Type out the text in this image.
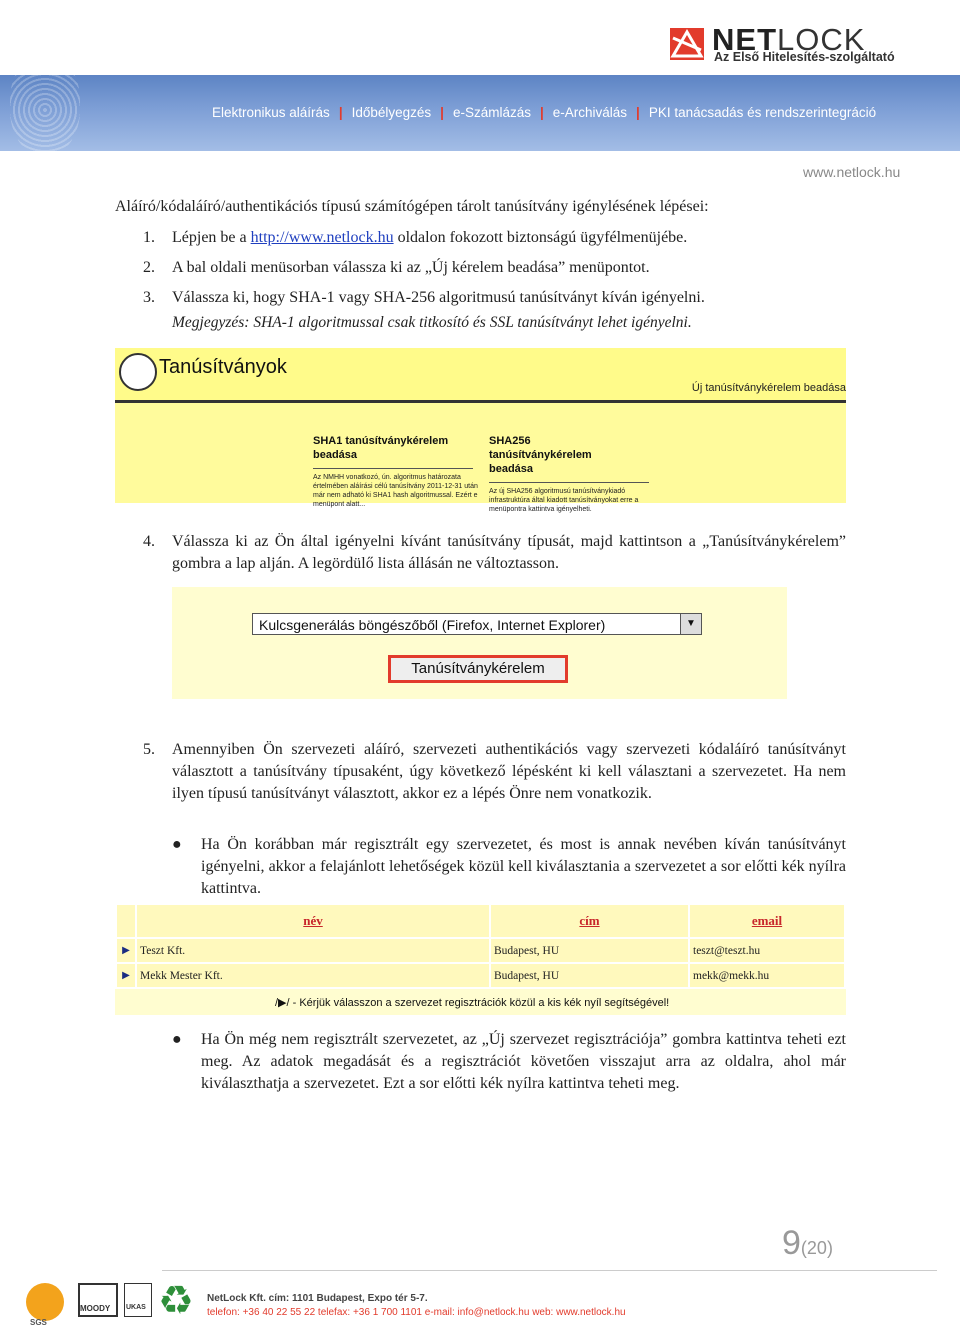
NETLOCK
Az Első Hitelesítés-szolgáltató
Elektronikus aláírás | Időbélyegzés | e-Számlázás | e-Archiválás | PKI tanácsadás és rendszerintegráció
www.netlock.hu
Aláíró/kódaláíró/authentikációs típusú számítógépen tárolt tanúsítvány igénylésének lépései:
1. Lépjen be a http://www.netlock.hu oldalon fokozott biztonságú ügyfélmenüjébe.
2. A bal oldali menüsorban válassza ki az „Új kérelem beadása” menüpontot.
3. Válassza ki, hogy SHA-1 vagy SHA-256 algoritmusú tanúsítványt kíván igényelni.
Megjegyzés: SHA-1 algoritmussal csak titkosító és SSL tanúsítványt lehet igényelni.
Tanúsítványok
Új tanúsítványkérelem beadása
SHA1 tanúsítványkérelem beadása
Az NMHH vonatkozó, ún. algoritmus határozata értelmében aláírási célú tanúsítvány 2011-12-31 után már nem adható ki SHA1 hash algoritmussal. Ezért e menüpont alatt...
SHA256 tanúsítványkérelem beadása
Az új SHA256 algoritmusú tanúsítványkiadó infrastruktúra által kiadott tanúsítványokat erre a menüpontra kattintva igényelheti.
4. Válassza ki az Ön által igényelni kívánt tanúsítvány típusát, majd kattintson a „Tanúsítványkérelem” gombra a lap alján. A legördülő lista állásán ne változtasson.
Kulcsgenerálás böngészőből (Firefox, Internet Explorer)	▼
Tanúsítványkérelem
5. Amennyiben Ön szervezeti aláíró, szervezeti authentikációs vagy szervezeti kódaláíró tanúsítványt választott a tanúsítvány típusaként, úgy következő lépésként ki kell választani a szervezetet. Ha nem ilyen típusú tanúsítványt választott, akkor ez a lépés Önre nem vonatkozik.
● Ha Ön korábban már regisztrált egy szervezetet, és most is annak nevében kíván tanúsítványt igényelni, akkor a felajánlott lehetőségek közül kell kiválasztania a szervezetet a sor előtti kék nyílra kattintva.
	név	cím	email
▶	Teszt Kft.	Budapest, HU	teszt@teszt.hu
▶	Mekk Mester Kft.	Budapest, HU	mekk@mekk.hu
/▶/ - Kérjük válasszon a szervezet regisztrációk közül a kis kék nyíl segítségével!
● Ha Ön még nem regisztrált szervezetet, az „Új szervezet regisztrációja” gombra kattintva teheti ezt meg. Az adatok megadását és a regisztrációt követően visszajut arra az oldalra, ahol már kiválaszthatja a szervezetet. Ezt a sor előtti kék nyílra kattintva teheti meg.
9(20)
SGS
MOODY UKAS ♻ NetLock Kft. cím: 1101 Budapest, Expo tér 5-7.
telefon: +36 40 22 55 22 telefax: +36 1 700 1101 e-mail: info@netlock.hu web: www.netlock.hu
